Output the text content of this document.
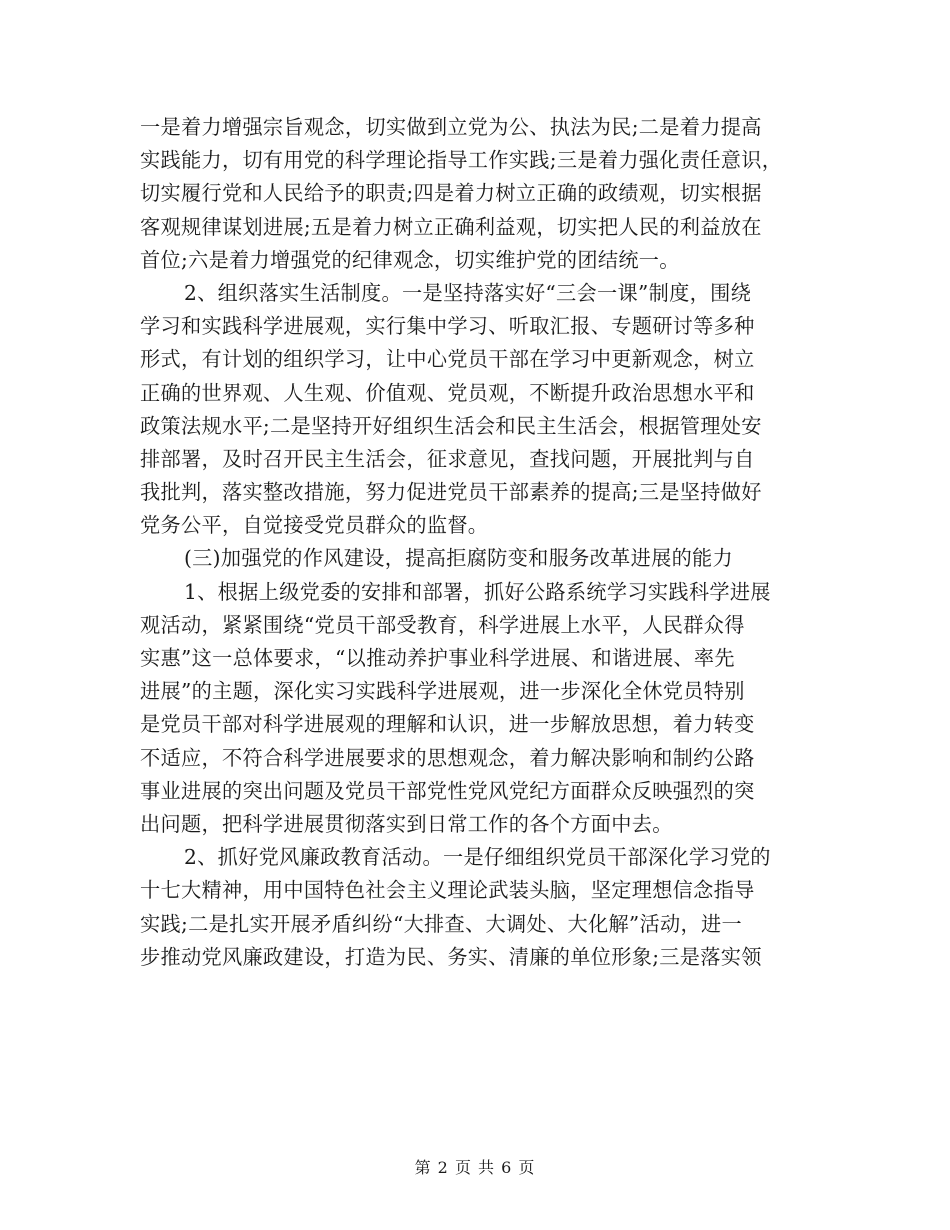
一是着力增强宗旨观念，切实做到立党为公、执法为民;二是着力提高
实践能力，切有用党的科学理论指导工作实践;三是着力强化责任意识，
切实履行党和人民给予的职责;四是着力树立正确的政绩观，切实根据
客观规律谋划进展;五是着力树立正确利益观，切实把人民的利益放在
首位;六是着力增强党的纪律观念，切实维护党的团结统一。
2、组织落实生活制度。一是坚持落实好“三会一课”制度，围绕
学习和实践科学进展观，实行集中学习、听取汇报、专题研讨等多种
形式，有计划的组织学习，让中心党员干部在学习中更新观念，树立
正确的世界观、人生观、价值观、党员观，不断提升政治思想水平和
政策法规水平;二是坚持开好组织生活会和民主生活会，根据管理处安
排部署，及时召开民主生活会，征求意见，查找问题，开展批判与自
我批判，落实整改措施，努力促进党员干部素养的提高;三是坚持做好
党务公平，自觉接受党员群众的监督。
(三)加强党的作风建设，提高拒腐防变和服务改革进展的能力
1、根据上级党委的安排和部署，抓好公路系统学习实践科学进展
观活动，紧紧围绕“党员干部受教育，科学进展上水平，人民群众得
实惠”这一总体要求，“以推动养护事业科学进展、和谐进展、率先
进展”的主题，深化实习实践科学进展观，进一步深化全休党员特别
是党员干部对科学进展观的理解和认识，进一步解放思想，着力转变
不适应，不符合科学进展要求的思想观念，着力解决影响和制约公路
事业进展的突出问题及党员干部党性党风党纪方面群众反映强烈的突
出问题，把科学进展贯彻落实到日常工作的各个方面中去。
2、抓好党风廉政教育活动。一是仔细组织党员干部深化学习党的
十七大精神，用中国特色社会主义理论武装头脑，坚定理想信念指导
实践;二是扎实开展矛盾纠纷“大排查、大调处、大化解”活动，进一
步推动党风廉政建设，打造为民、务实、清廉的单位形象;三是落实领
第 2 页 共 6 页
